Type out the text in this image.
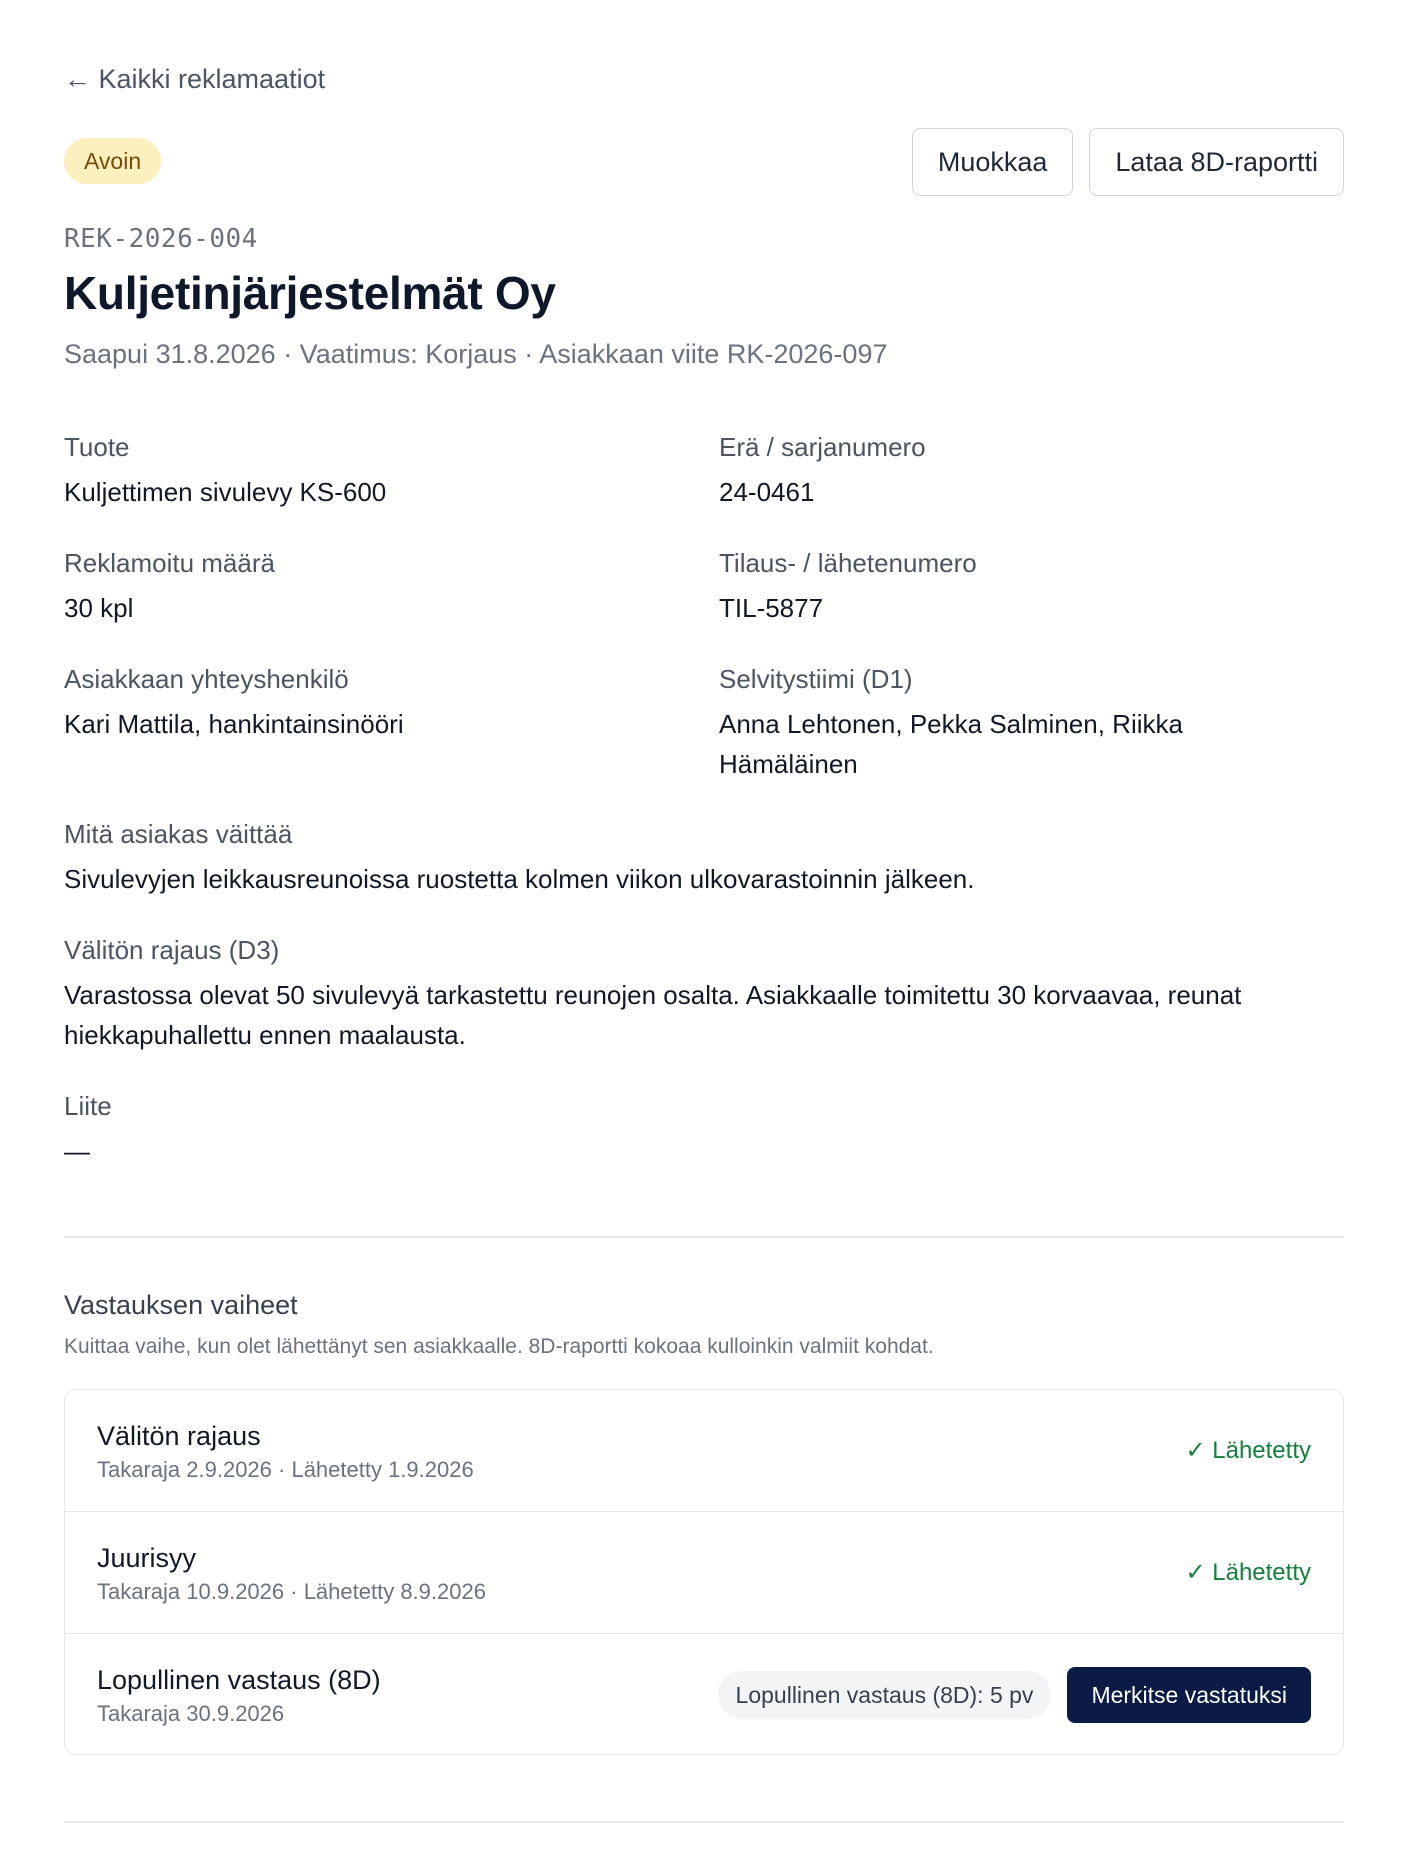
← Kaikki reklamaatiot
Avoin	Muokkaa	Lataa 8D-raportti
REK-2026-004
Kuljetinjärjestelmät Oy
Saapui 31.8.2026 · Vaatimus: Korjaus · Asiakkaan viite RK-2026-097
Tuote
Kuljettimen sivulevy KS-600
Erä / sarjanumero
24-0461
Reklamoitu määrä
30 kpl
Tilaus- / lähetenumero
TIL-5877
Asiakkaan yhteyshenkilö
Kari Mattila, hankintainsinööri
Selvitystiimi (D1)
Anna Lehtonen, Pekka Salminen, Riikka Hämäläinen
Mitä asiakas väittää
Sivulevyjen leikkausreunoissa ruostetta kolmen viikon ulkovarastoinnin jälkeen.
Välitön rajaus (D3)
Varastossa olevat 50 sivulevyä tarkastettu reunojen osalta. Asiakkaalle toimitettu 30 korvaavaa, reunat hiekkapuhallettu ennen maalausta.
Liite
—
Vastauksen vaiheet
Kuittaa vaihe, kun olet lähettänyt sen asiakkaalle. 8D-raportti kokoaa kulloinkin valmiit kohdat.
Välitön rajaus
Takaraja 2.9.2026 · Lähetetty 1.9.2026
✓ Lähetetty
Juurisyy
Takaraja 10.9.2026 · Lähetetty 8.9.2026
✓ Lähetetty
Lopullinen vastaus (8D)
Takaraja 30.9.2026
Lopullinen vastaus (8D): 5 pv	Merkitse vastatuksi
